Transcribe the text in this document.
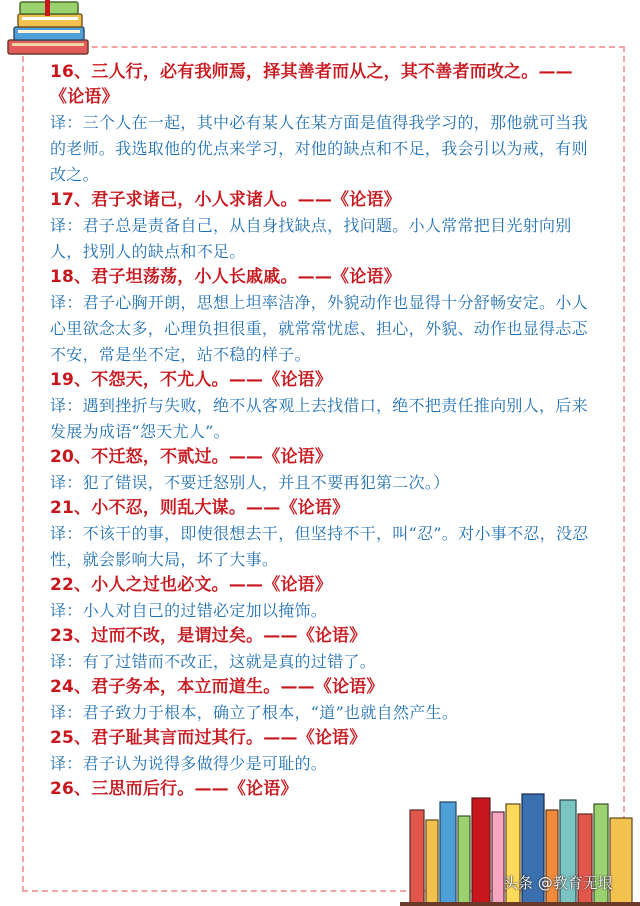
16、三人行，必有我师焉，择其善者而从之，其不善者而改之。——《论语》

译：三个人在一起，其中必有某人在某方面是值得我学习的，那他就可当我的老师。我选取他的优点来学习，对他的缺点和不足，我会引以为戒，有则改之。

17、君子求诸己，小人求诸人。——《论语》

译：君子总是责备自己，从自身找缺点，找问题。小人常常把目光射向别人，找别人的缺点和不足。

18、君子坦荡荡，小人长戚戚。——《论语》

译：君子心胸开朗，思想上坦率洁净，外貌动作也显得十分舒畅安定。小人心里欲念太多，心理负担很重，就常常忧虑、担心，外貌、动作也显得忐忑不安，常是坐不定，站不稳的样子。

19、不怨天，不尤人。——《论语》

译：遇到挫折与失败，绝不从客观上去找借口，绝不把责任推向别人，后来发展为成语“怨天尤人”。

20、不迁怒，不贰过。——《论语》

译：犯了错误，不要迁怒别人，并且不要再犯第二次。）

21、小不忍，则乱大谋。——《论语》

译：不该干的事，即使很想去干，但坚持不干，叫“忍”。对小事不忍，没忍性，就会影响大局，坏了大事。

22、小人之过也必文。——《论语》

译：小人对自己的过错必定加以掩饰。

23、过而不改，是谓过矣。——《论语》

译：有了过错而不改正，这就是真的过错了。

24、君子务本，本立而道生。——《论语》

译：君子致力于根本，确立了根本，“道”也就自然产生。

25、君子耻其言而过其行。——《论语》

译：君子认为说得多做得少是可耻的。

26、三思而后行。——《论语》

头条 @教育无垠
